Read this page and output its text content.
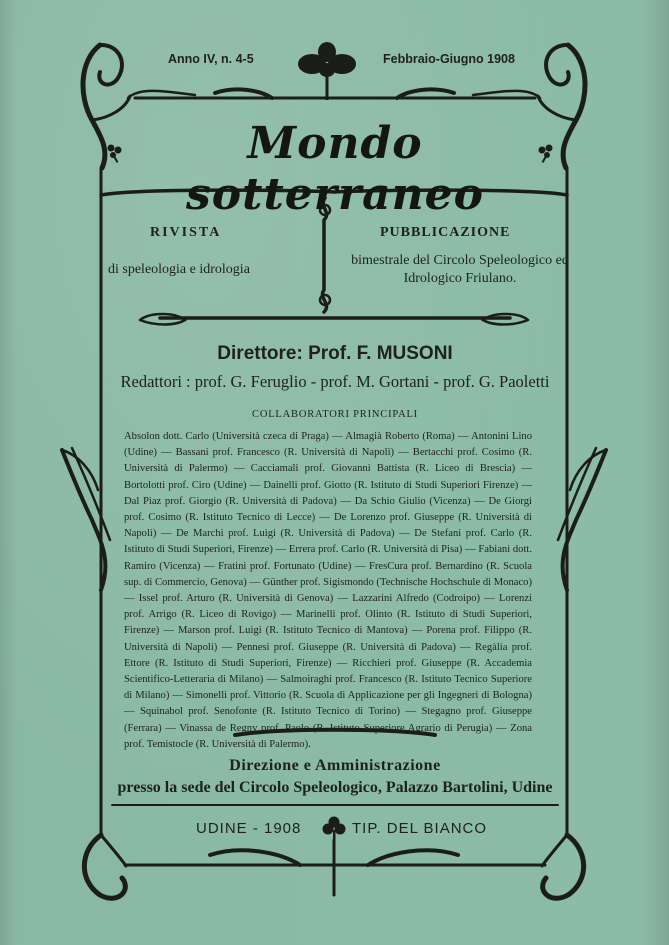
Anno IV, n. 4-5	Febbraio-Giugno 1908
Mondo sotterraneo
RIVISTA
di speleologia e idrologia
PUBBLICAZIONE
bimestrale del Circolo Speleologico ed Idrologico Friulano.
Direttore: Prof. F. MUSONI
Redattori : prof. G. Feruglio - prof. M. Gortani - prof. G. Paoletti
COLLABORATORI PRINCIPALI
Absolon dott. Carlo (Università czeca di Praga) — Almagià Roberto (Roma) — Antonini Lino (Udine) — Bassani prof. Francesco (R. Università di Napoli) — Bertacchi prof. Cosimo (R. Università di Palermo) — Cacciamali prof. Giovanni Battista (R. Liceo di Brescia) — Bortolotti prof. Ciro (Udine) — Dainelli prof. Giotto (R. Istituto di Studi Superiori Firenze) — Dal Piaz prof. Giorgio (R. Università di Padova) — Da Schio Giulio (Vicenza) — De Giorgi prof. Cosimo (R. Istituto Tecnico di Lecce) — De Lorenzo prof. Giuseppe (R. Università di Napoli) — De Marchi prof. Luigi (R. Università di Padova) — De Stefani prof. Carlo (R. Istituto di Studi Superiori, Firenze) — Errera prof. Carlo (R. Università di Pisa) — Fabiani dott. Ramiro (Vicenza) — Fratini prof. Fortunato (Udine) — FresCura prof. Bernardino (R. Scuola sup. di Commercio, Genova) — Günther prof. Sigismondo (Technische Hochschule di Monaco) — Issel prof. Arturo (R. Università di Genova) — Lazzarini Alfredo (Codroipo) — Lorenzi prof. Arrigo (R. Liceo di Rovigo) — Marinelli prof. Olinto (R. Istituto di Studi Superiori, Firenze) — Marson prof. Luigi (R. Istituto Tecnico di Mantova) — Porena prof. Filippo (R. Università di Napoli) — Pennesi prof. Giuseppe (R. Università di Padova) — Regàlia prof. Ettore (R. Istituto di Studi Superiori, Firenze) — Ricchieri prof. Giuseppe (R. Accademia Scientifico-Letteraria di Milano) — Salmoiraghi prof. Francesco (R. Istituto Tecnico Superiore di Milano) — Simonelli prof. Vittorio (R. Scuola di Applicazione per gli Ingegneri di Bologna) — Squinabol prof. Senofonte (R. Istituto Tecnico di Torino) — Stegagno prof. Giuseppe (Ferrara) — Vinassa de Regny prof. Paolo (R. Istituto Superiore Agrario di Perugia) — Zona prof. Temistocle (R. Università di Palermo).
Direzione e Amministrazione
presso la sede del Circolo Speleologico, Palazzo Bartolini, Udine
UDINE - 1908	TIP. DEL BIANCO
